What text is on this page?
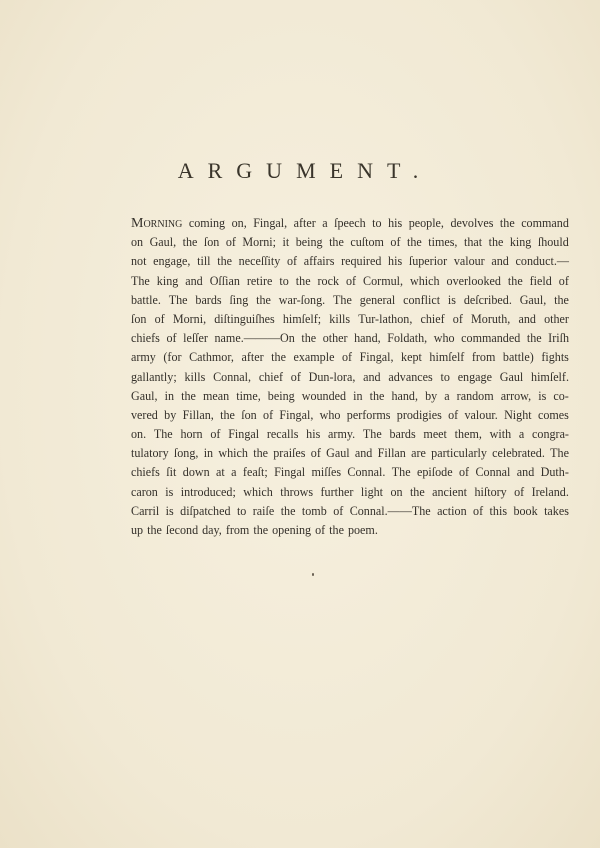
ARGUMENT.
MORNING coming on, Fingal, after a ſpeech to his people, devolves the command
on Gaul, the ſon of Morni; it being the cuſtom of the times, that the king ſhould
not engage, till the neceſſity of affairs required his ſuperior valour and conduct.—
The king and Oſſian retire to the rock of Cormul, which overlooked the field of
battle. The bards ſing the war-ſong. The general conflict is deſcribed. Gaul, the
ſon of Morni, diſtinguiſhes himſelf; kills Tur-lathon, chief of Moruth, and other
chiefs of leſſer name.———On the other hand, Foldath, who commanded the Iriſh
army (for Cathmor, after the example of Fingal, kept himſelf from battle) fights
gallantly; kills Connal, chief of Dun-lora, and advances to engage Gaul himſelf.
Gaul, in the mean time, being wounded in the hand, by a random arrow, is co-
vered by Fillan, the ſon of Fingal, who performs prodigies of valour. Night comes
on. The horn of Fingal recalls his army. The bards meet them, with a congra-
tulatory ſong, in which the praiſes of Gaul and Fillan are particularly celebrated. The
chiefs ſit down at a feaſt; Fingal miſſes Connal. The epiſode of Connal and Duth-
caron is introduced; which throws further light on the ancient hiſtory of Ireland.
Carril is diſpatched to raiſe the tomb of Connal.——The action of this book takes
up the ſecond day, from the opening of the poem.
